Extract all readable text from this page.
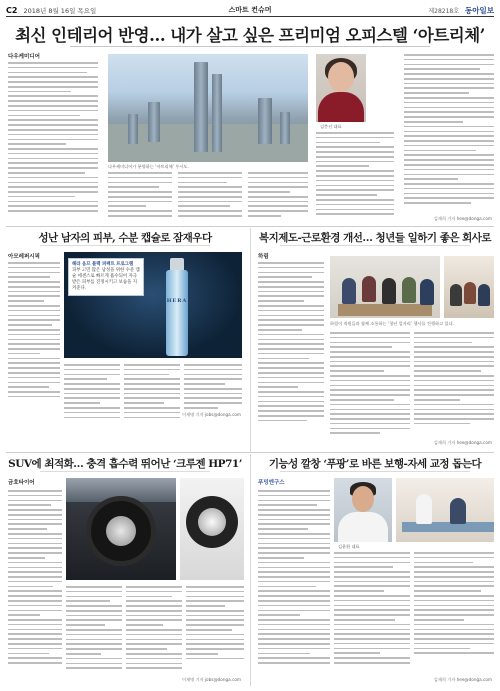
C2 2018년 8월 16일 목요일	스마트 컨슈머	제28218호 동아일보
최신 인테리어 반영… 내가 살고 싶은 프리미엄 오피스텔 ‘아트리체’
다우케미디어
다우케미디어가 분양하는 ‘아트리체’ 투시도.
김충선 대표
김재희 기자 hee@donga.com
성난 남자의 피부, 수분 캡슐로 잠재우다
아모레퍼시픽
HERA
헤라 옴므 블랙 퍼펙트 프로그램
피부 고민 많은 남성을 위한 수분 캡슐 에센스로 빠르게 흡수되어 자극 받은 피부를 진정시키고 보습을 지켜준다.
이재명 기자 jobs@donga.com
복지제도-근로환경 개선… 청년들 일하기 좋은 회사로
하림
하림이 직원들과 함께 소통하는 ‘청년 일자리’ 행사를 진행하고 있다.
김재희 기자 hee@donga.com
SUV에 최적화… 충격 흡수력 뛰어난 ‘크루젠 HP71’
금호타이어
이재명 기자 jobs@donga.com
기능성 깔창 ‘푸팡’로 바른 보행-자세 교정 돕는다
푸밍엔구스
김윤환 대표
김재희 기자 hee@donga.com
